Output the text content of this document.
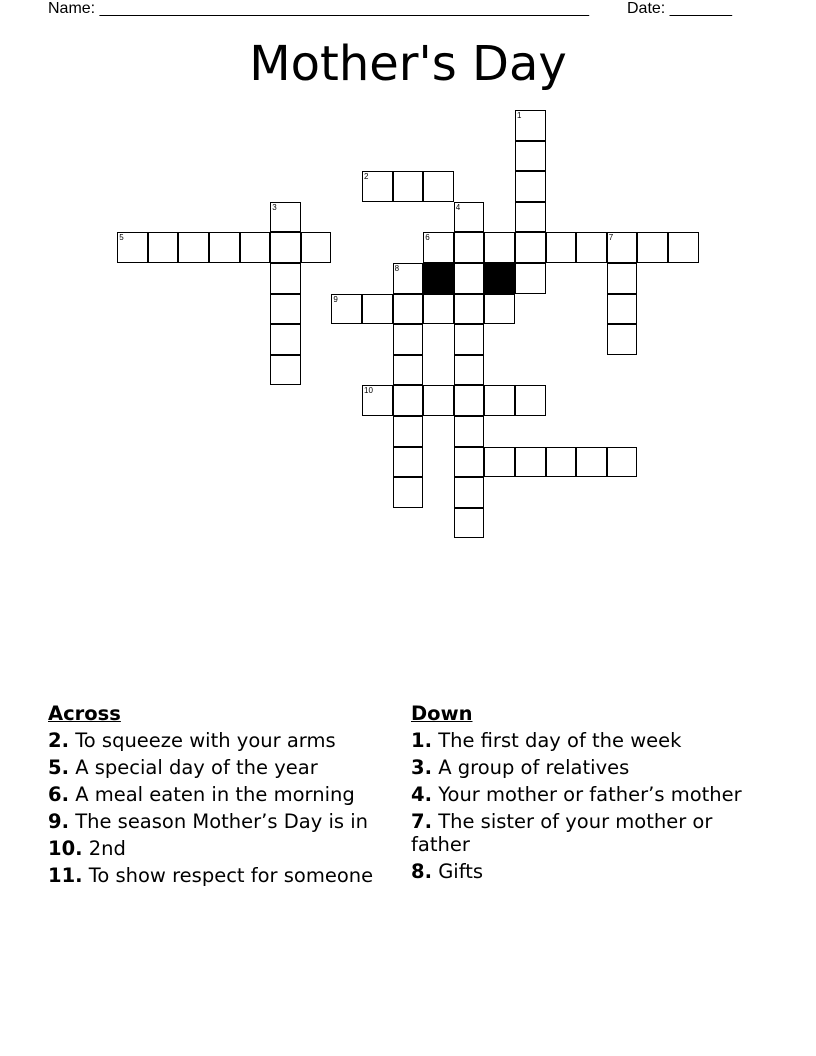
Name: _______________________________________________________ Date: _______
Mother's Day
1
2
3	4
5	6	7
8
9
10
Across
2. To squeeze with your arms
5. A special day of the year
6. A meal eaten in the morning
9. The season Mother’s Day is in
10. 2nd
11. To show respect for someone
Down
1. The first day of the week
3. A group of relatives
4. Your mother or father’s mother
7. The sister of your mother or father
8. Gifts
